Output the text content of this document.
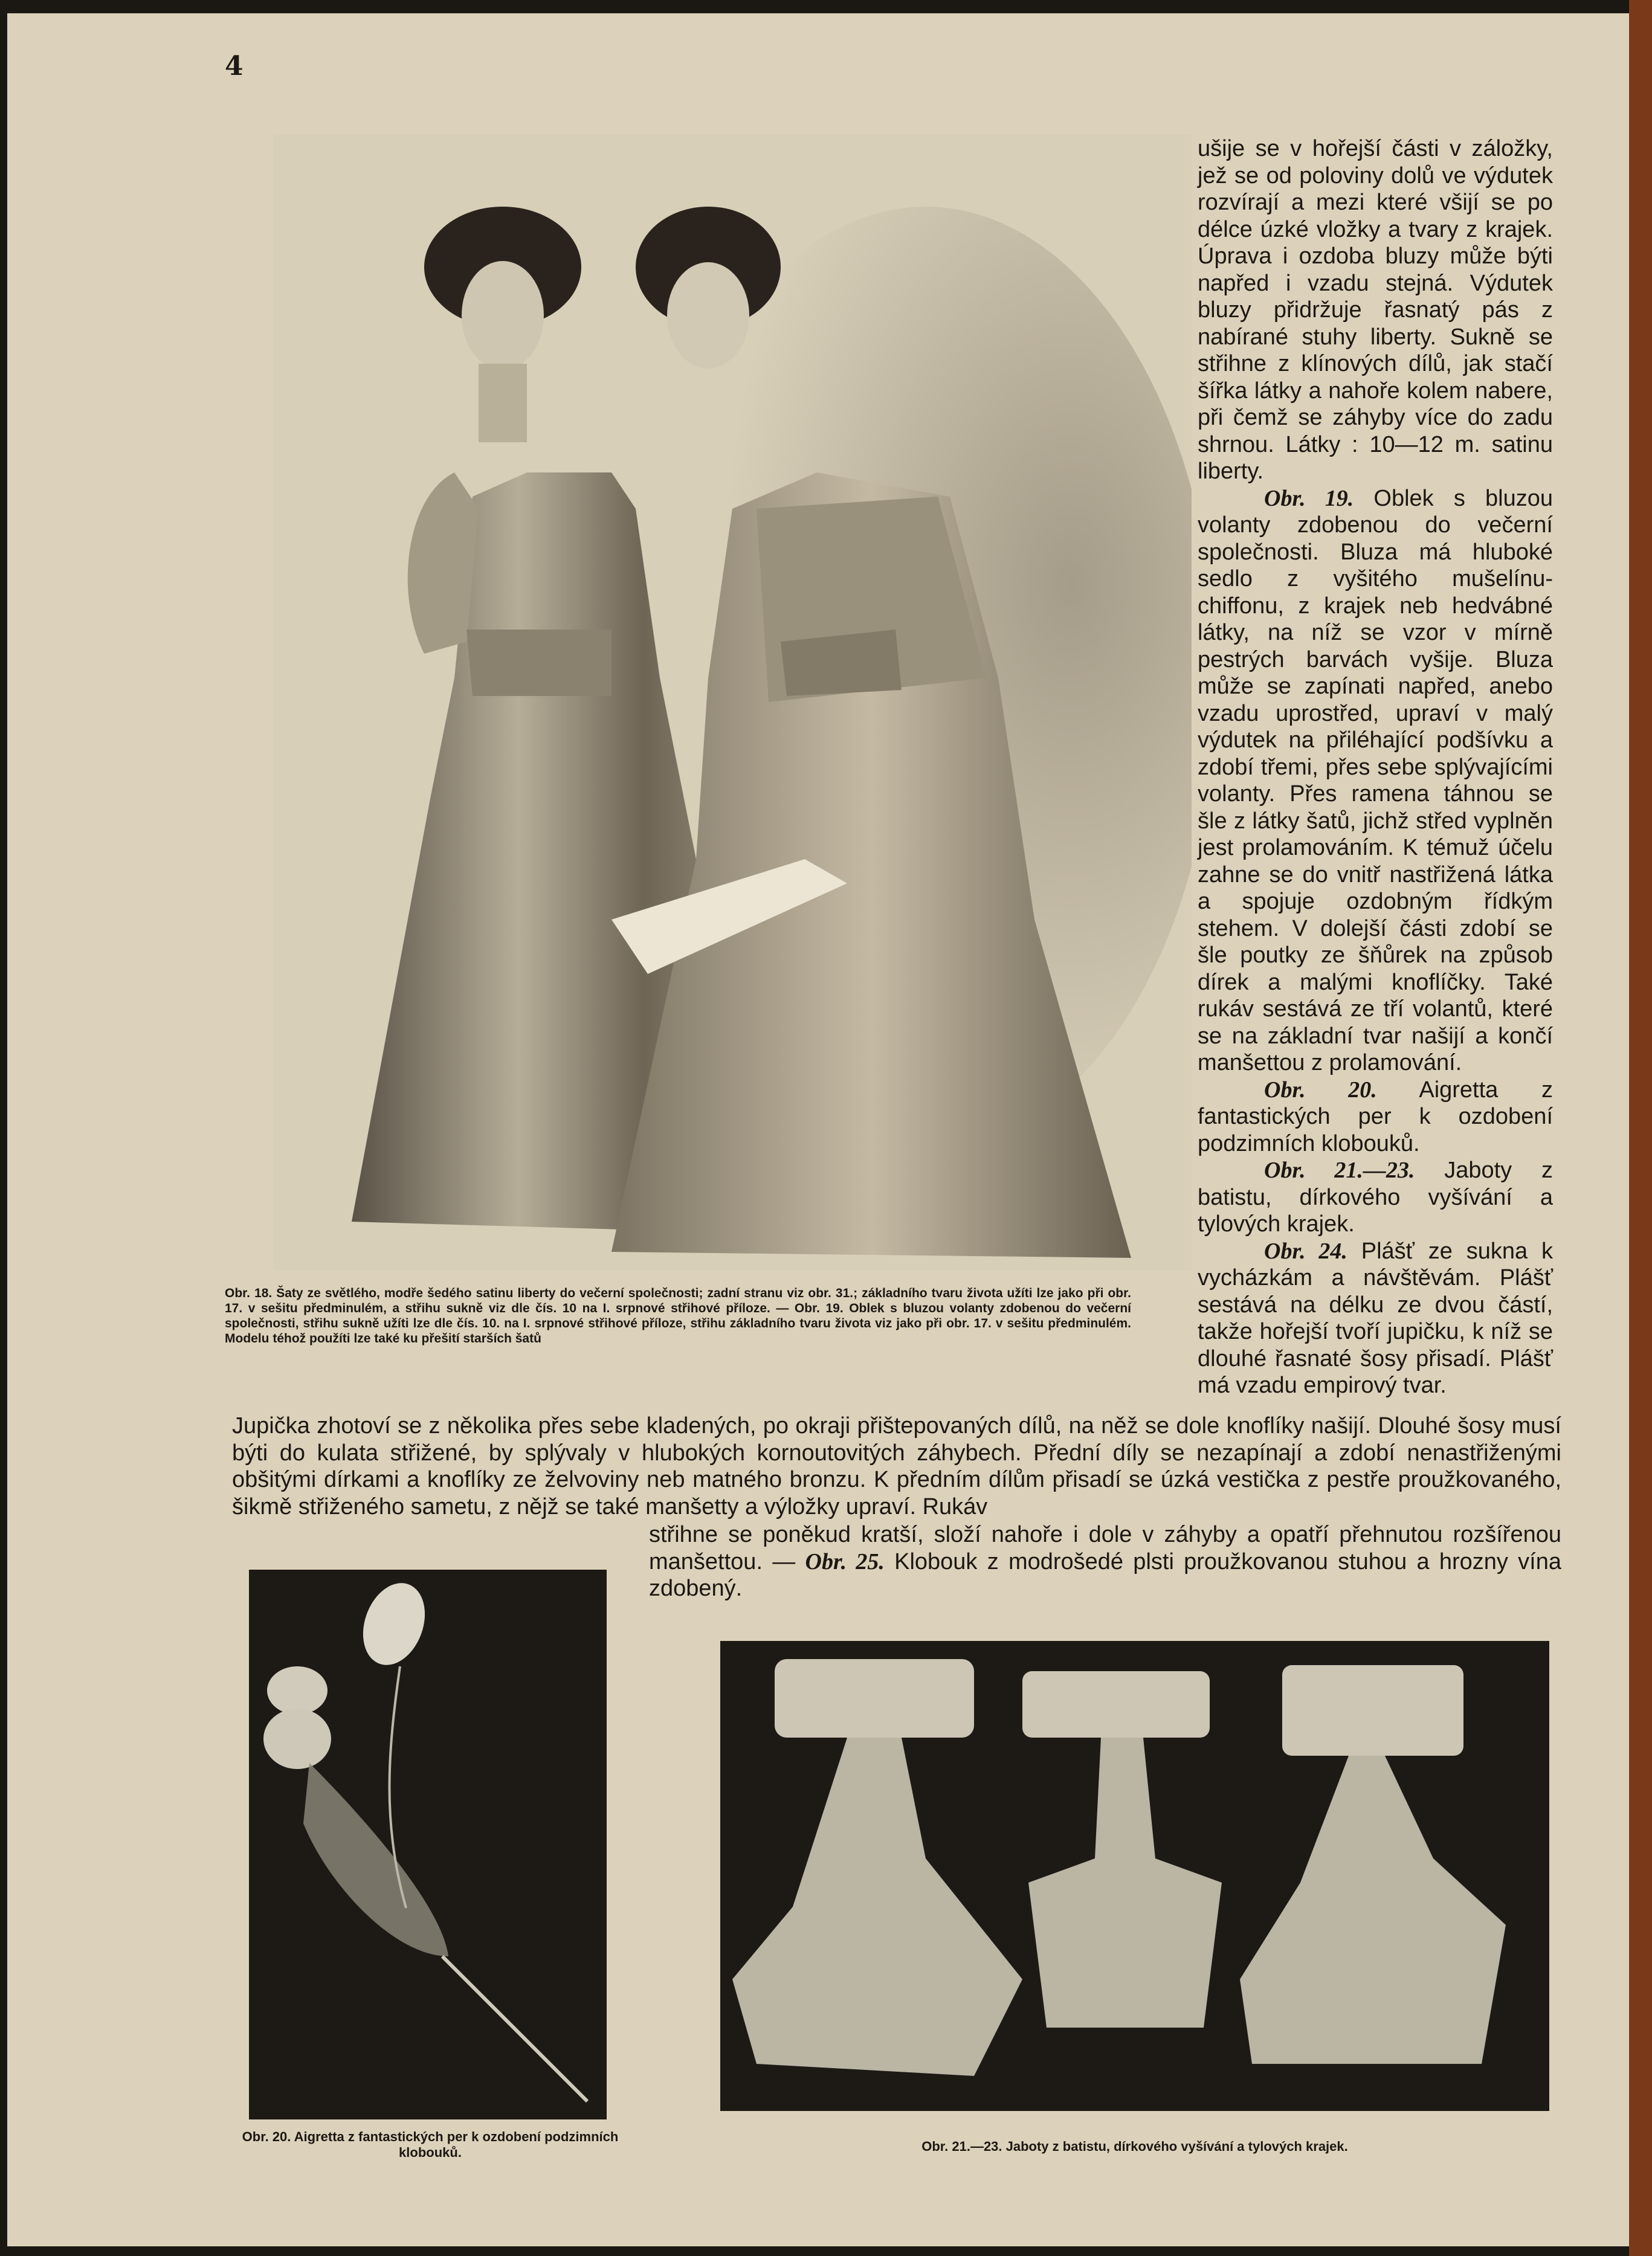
4
Obr. 18. Šaty ze světlého, modře šedého satinu liberty do večerní společnosti; zadní stranu viz obr. 31.; základního tvaru života užíti lze jako při obr. 17. v sešitu předminulém, a střihu sukně viz dle čís. 10 na I. srpnové střihové příloze. — Obr. 19. Oblek s bluzou volanty zdobenou do večerní společnosti, střihu sukně užíti lze dle čís. 10. na I. srpnové střihové příloze, střihu základního tvaru života viz jako při obr. 17. v sešitu předminulém. Modelu téhož použíti lze také ku přešití starších šatů

ušije se v hořejší části v záložky, jež se od poloviny dolů ve výdutek rozvírají a mezi které všijí se po délce úzké vložky a tvary z krajek. Úprava i ozdoba bluzy může býti napřed i vzadu stejná. Výdutek bluzy přidržuje řasnatý pás z nabírané stuhy liberty. Sukně se střihne z klínových dílů, jak stačí šířka látky a nahoře kolem nabere, při čemž se záhyby více do zadu shrnou. Látky : 10—12 m. satinu liberty.

Obr. 19. Oblek s bluzou volanty zdobenou do večerní společnosti. Bluza má hluboké sedlo z vyšitého mušelínu-chiffonu, z krajek neb hedvábné látky, na níž se vzor v mírně pestrých barvách vyšije. Bluza může se zapínati napřed, anebo vzadu uprostřed, upraví v malý výdutek na přiléhající podšívku a zdobí třemi, přes sebe splývajícími volanty. Přes ramena táhnou se šle z látky šatů, jichž střed vyplněn jest prolamováním. K témuž účelu zahne se do vnitř nastřižená látka a spojuje ozdobným řídkým stehem. V dolejší části zdobí se šle poutky ze šňůrek na způsob dírek a malými knoflíčky. Také rukáv sestává ze tří volantů, které se na základní tvar našijí a končí manšettou z prolamování.

Obr. 20. Aigretta z fantastických per k ozdobení podzimních klobouků.

Obr. 21.—23. Jaboty z batistu, dírkového vyšívání a tylových krajek.

Obr. 24. Plášť ze sukna k vycházkám a návštěvám. Plášť sestává na délku ze dvou částí, takže hořejší tvoří jupičku, k níž se dlouhé řasnaté šosy přisadí. Plášť má vzadu empirový tvar.

Jupička zhotoví se z několika přes sebe kladených, po okraji přištepovaných dílů, na něž se dole knoflíky našijí. Dlouhé šosy musí býti do kulata střižené, by splývaly v hlubokých kornoutovitých záhybech. Přední díly se nezapínají a zdobí nenastřiženými obšitými dírkami a knoflíky ze želvoviny neb matného bronzu. K předním dílům přisadí se úzká vestička z pestře proužkovaného, šikmě střiženého sametu, z nějž se také manšetty a výložky upraví. Rukáv

střihne se poněkud kratší, složí nahoře i dole v záhyby a opatří přehnutou rozšířenou manšettou. — Obr. 25. Klobouk z modrošedé plsti proužkovanou stuhou a hrozny vína zdobený.

Obr. 20. Aigretta z fantastických per k ozdobení podzimních klobouků.	Obr. 21.—23. Jaboty z batistu, dírkového vyšívání a tylových krajek.
